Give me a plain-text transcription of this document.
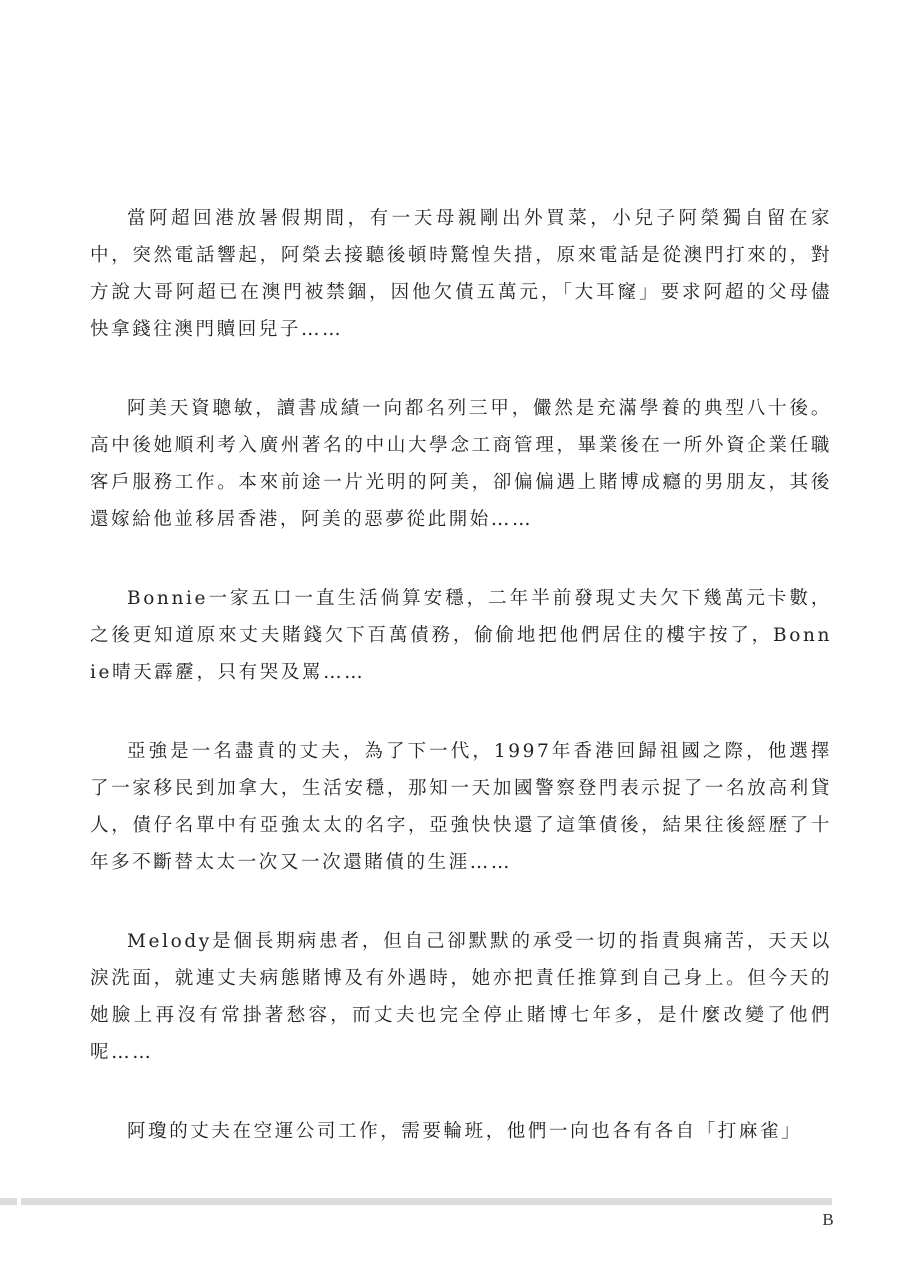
當阿超回港放暑假期間，有一天母親剛出外買菜，小兒子阿榮獨自留在家中，突然電話響起，阿榮去接聽後頓時驚惶失措，原來電話是從澳門打來的，對方說大哥阿超已在澳門被禁錮，因他欠債五萬元，「大耳窿」要求阿超的父母儘快拿錢往澳門贖回兒子……

阿美天資聰敏，讀書成績一向都名列三甲，儼然是充滿學養的典型八十後。高中後她順利考入廣州著名的中山大學念工商管理，畢業後在一所外資企業任職客戶服務工作。本來前途一片光明的阿美，卻偏偏遇上賭博成癮的男朋友，其後還嫁給他並移居香港，阿美的惡夢從此開始……

Bonnie一家五口一直生活倘算安穩，二年半前發現丈夫欠下幾萬元卡數，之後更知道原來丈夫賭錢欠下百萬債務，偷偷地把他們居住的樓宇按了，Bonnie晴天霹靂，只有哭及罵……

亞強是一名盡責的丈夫，為了下一代，1997年香港回歸祖國之際，他選擇了一家移民到加拿大，生活安穩，那知一天加國警察登門表示捉了一名放高利貸人，債仔名單中有亞強太太的名字，亞強快快還了這筆債後，結果往後經歷了十年多不斷替太太一次又一次還賭債的生涯……

Melody是個長期病患者，但自己卻默默的承受一切的指責與痛苦，天天以淚洗面，就連丈夫病態賭博及有外遇時，她亦把責任推算到自己身上。但今天的她臉上再沒有常掛著愁容，而丈夫也完全停止賭博七年多，是什麼改變了他們呢……

阿瓊的丈夫在空運公司工作，需要輪班，他們一向也各有各自「打麻雀」

B
